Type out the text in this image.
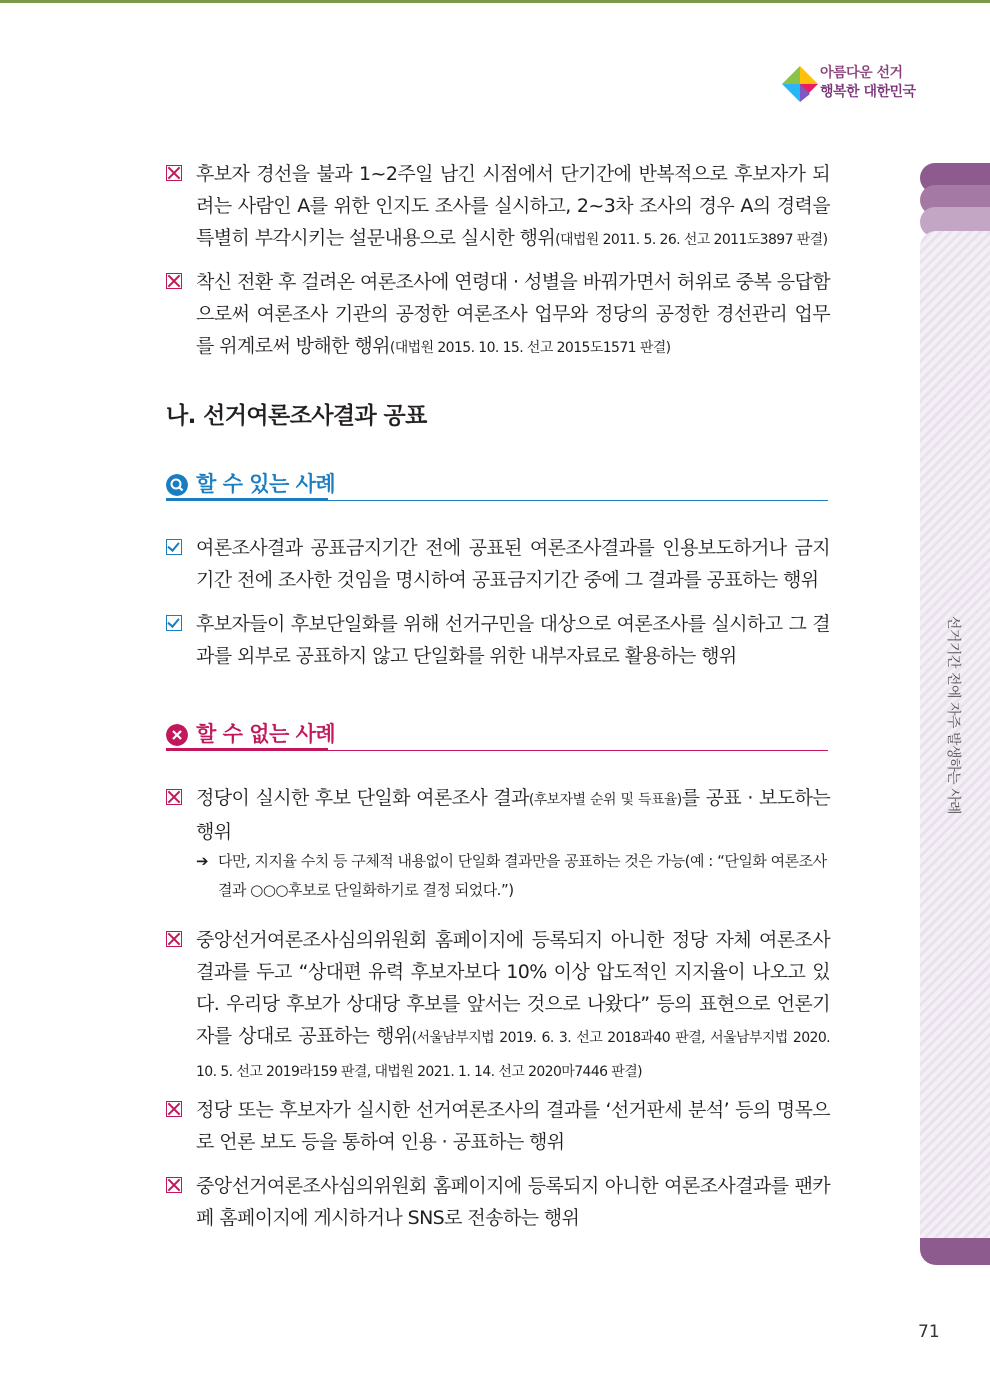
아름다운 선거
행복한 대한민국
선거기간 전에 자주 발생하는 사례
후보자 경선을 불과 1~2주일 남긴 시점에서 단기간에 반복적으로 후보자가 되려는 사람인 A를 위한 인지도 조사를 실시하고, 2~3차 조사의 경우 A의 경력을 특별히 부각시키는 설문내용으로 실시한 행위(대법원 2011. 5. 26. 선고 2011도3897 판결)
착신 전환 후 걸려온 여론조사에 연령대 · 성별을 바꿔가면서 허위로 중복 응답함으로써 여론조사 기관의 공정한 여론조사 업무와 정당의 공정한 경선관리 업무를 위계로써 방해한 행위(대법원 2015. 10. 15. 선고 2015도1571 판결)
나. 선거여론조사결과 공표
할 수 있는 사례
여론조사결과 공표금지기간 전에 공표된 여론조사결과를 인용보도하거나 금지기간 전에 조사한 것임을 명시하여 공표금지기간 중에 그 결과를 공표하는 행위
후보자들이 후보단일화를 위해 선거구민을 대상으로 여론조사를 실시하고 그 결과를 외부로 공표하지 않고 단일화를 위한 내부자료로 활용하는 행위
할 수 없는 사례
정당이 실시한 후보 단일화 여론조사 결과(후보자별 순위 및 득표율)를 공표 · 보도하는 행위
➔ 다만, 지지율 수치 등 구체적 내용없이 단일화 결과만을 공표하는 것은 가능(예 : “단일화 여론조사 결과 ○○○후보로 단일화하기로 결정 되었다.”)
중앙선거여론조사심의위원회 홈페이지에 등록되지 아니한 정당 자체 여론조사결과를 두고 “상대편 유력 후보자보다 10% 이상 압도적인 지지율이 나오고 있다. 우리당 후보가 상대당 후보를 앞서는 것으로 나왔다” 등의 표현으로 언론기자를 상대로 공표하는 행위(서울남부지법 2019. 6. 3. 선고 2018과40 판결, 서울남부지법 2020. 10. 5. 선고 2019라159 판결, 대법원 2021. 1. 14. 선고 2020마7446 판결)
정당 또는 후보자가 실시한 선거여론조사의 결과를 ‘선거판세 분석’ 등의 명목으로 언론 보도 등을 통하여 인용 · 공표하는 행위
중앙선거여론조사심의위원회 홈페이지에 등록되지 아니한 여론조사결과를 팬카페 홈페이지에 게시하거나 SNS로 전송하는 행위
71
